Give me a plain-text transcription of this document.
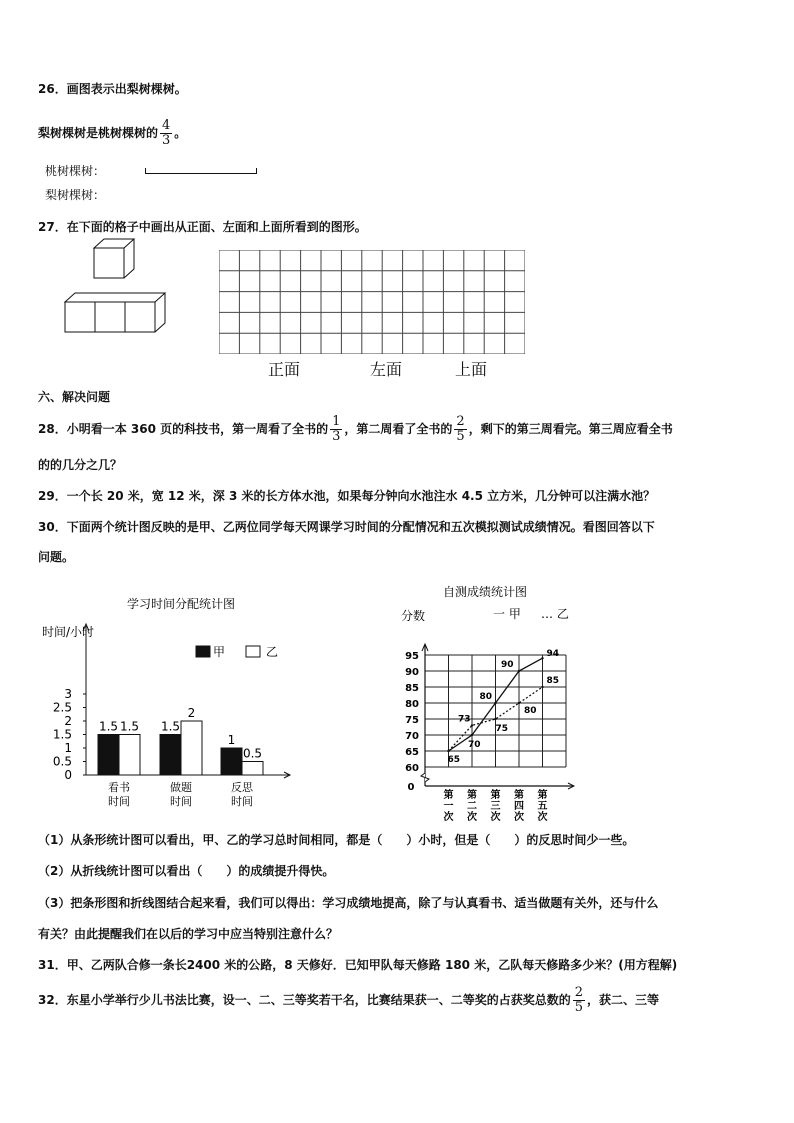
26．画图表示出梨树棵树。
梨树棵树是桃树棵树的 $\frac{4}{3}$ 。
桃树棵树：
梨树棵树：
27．在下面的格子中画出从正面、左面和上面所看到的图形。
正面	左面	上面
六、解决问题
28．小明看一本 360 页的科技书，第一周看了全书的 $\frac{1}{3}$ ，第二周看了全书的 $\frac{2}{5}$ ，剩下的第三周看完。第三周应看全书
的的几分之几？
29．一个长 20 米，宽 12 米，深 3 米的长方体水池，如果每分钟向水池注水 4.5 立方米，几分钟可以注满水池？
30．下面两个统计图反映的是甲、乙两位同学每天网课学习时间的分配情况和五次模拟测试成绩情况。看图回答以下
问题。
学习时间分配统计图
时间/小时
甲	乙
0
0.5
1
1.5
2
2.5
3
1.5 1.5 1.5
2
1
0.5
看书
时间
做题
时间
反思
时间
自测成绩统计图
分数	一 甲 … 乙
60
65
70
75
80
85
90
95
0
65
70
73
75
80
80
90
85
94
第
一
次
第
二
次
第
三
次
第
四
次
第
五
次
（1）从条形统计图可以看出，甲、乙的学习总时间相同，都是（　　）小时，但是（　　）的反思时间少一些。
（2）从折线统计图可以看出（　　）的成绩提升得快。
（3）把条形图和折线图结合起来看，我们可以得出：学习成绩地提高，除了与认真看书、适当做题有关外，还与什么
有关？由此提醒我们在以后的学习中应当特别注意什么？
31．甲、乙两队合修一条长2400 米的公路，8 天修好．已知甲队每天修路 180 米，乙队每天修路多少米？(用方程解)
32．东星小学举行少儿书法比赛，设一、二、三等奖若干名，比赛结果获一、二等奖的占获奖总数的 $\frac{2}{5}$ ，获二、三等
